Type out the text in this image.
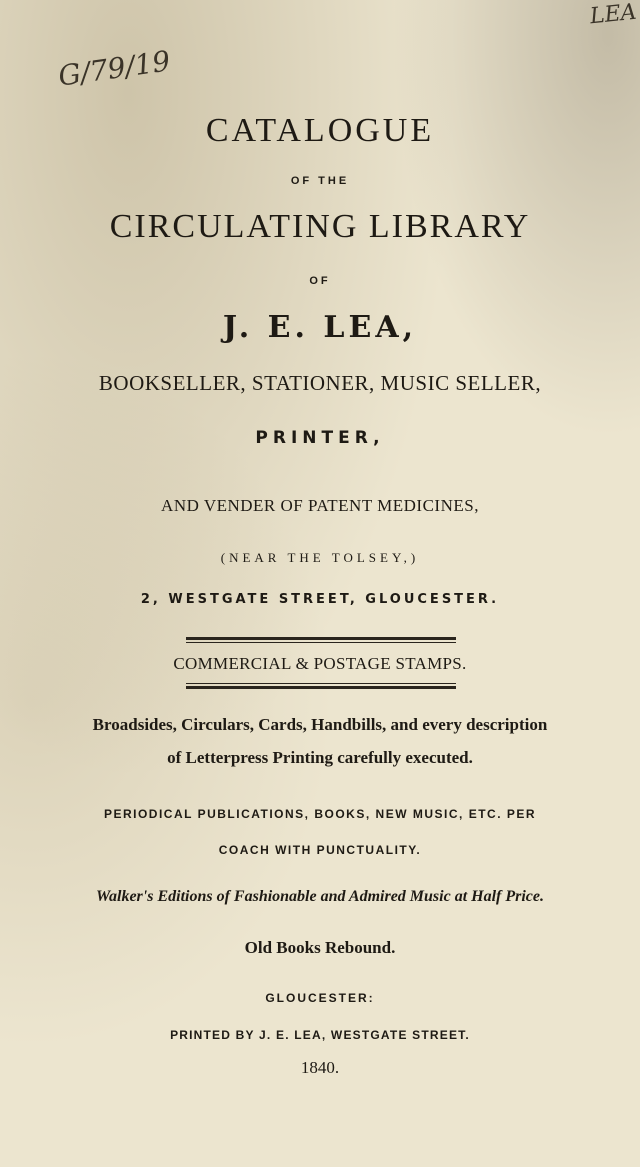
G/79/19
LEA
CATALOGUE
OF THE
CIRCULATING LIBRARY
OF
J. E. LEA,
BOOKSELLER, STATIONER, MUSIC SELLER,
PRINTER,
AND VENDER OF PATENT MEDICINES,
(NEAR THE TOLSEY,)
2, WESTGATE STREET, GLOUCESTER.
COMMERCIAL & POSTAGE STAMPS.
Broadsides, Circulars, Cards, Handbills, and every description
of Letterpress Printing carefully executed.
PERIODICAL PUBLICATIONS, BOOKS, NEW MUSIC, ETC. PER
COACH WITH PUNCTUALITY.
Walker's Editions of Fashionable and Admired Music at Half Price.
Old Books Rebound.
GLOUCESTER:
PRINTED BY J. E. LEA, WESTGATE STREET.
1840.
